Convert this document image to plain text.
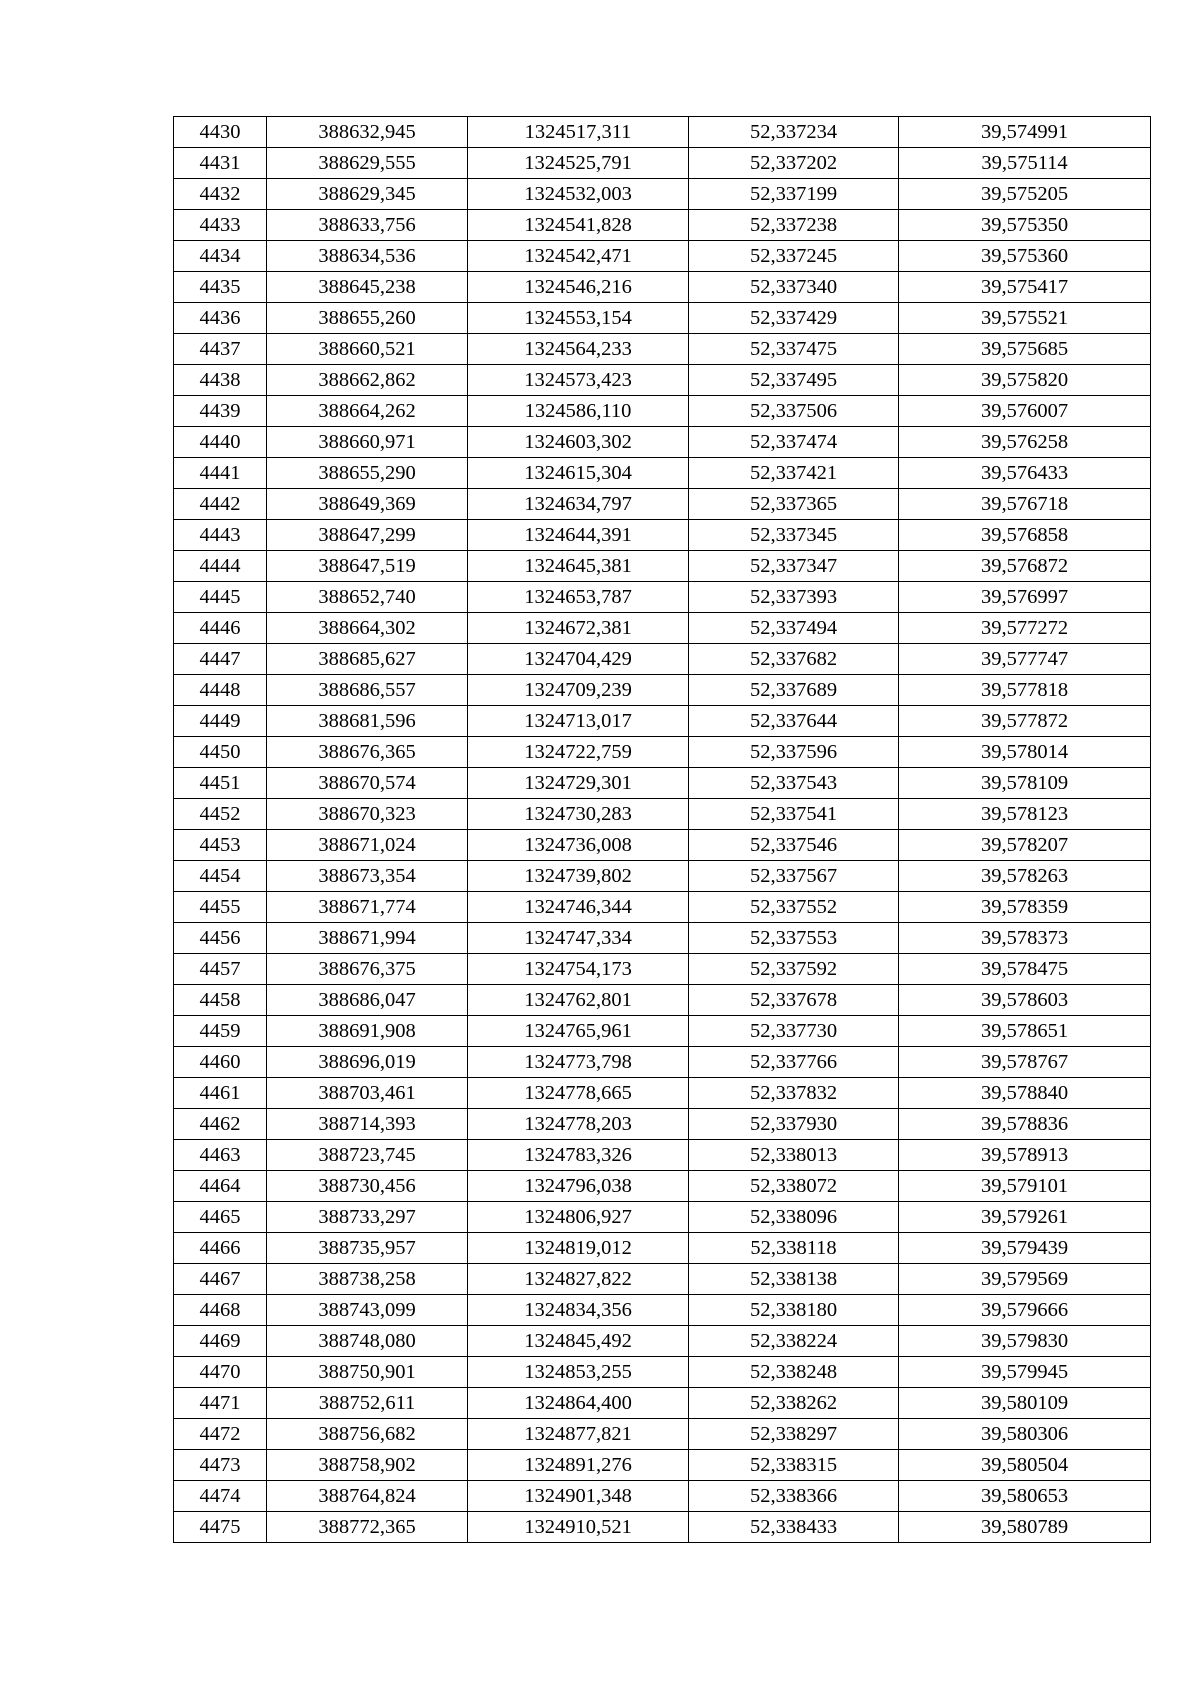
4430	388632,945	1324517,311	52,337234	39,574991
4431	388629,555	1324525,791	52,337202	39,575114
4432	388629,345	1324532,003	52,337199	39,575205
4433	388633,756	1324541,828	52,337238	39,575350
4434	388634,536	1324542,471	52,337245	39,575360
4435	388645,238	1324546,216	52,337340	39,575417
4436	388655,260	1324553,154	52,337429	39,575521
4437	388660,521	1324564,233	52,337475	39,575685
4438	388662,862	1324573,423	52,337495	39,575820
4439	388664,262	1324586,110	52,337506	39,576007
4440	388660,971	1324603,302	52,337474	39,576258
4441	388655,290	1324615,304	52,337421	39,576433
4442	388649,369	1324634,797	52,337365	39,576718
4443	388647,299	1324644,391	52,337345	39,576858
4444	388647,519	1324645,381	52,337347	39,576872
4445	388652,740	1324653,787	52,337393	39,576997
4446	388664,302	1324672,381	52,337494	39,577272
4447	388685,627	1324704,429	52,337682	39,577747
4448	388686,557	1324709,239	52,337689	39,577818
4449	388681,596	1324713,017	52,337644	39,577872
4450	388676,365	1324722,759	52,337596	39,578014
4451	388670,574	1324729,301	52,337543	39,578109
4452	388670,323	1324730,283	52,337541	39,578123
4453	388671,024	1324736,008	52,337546	39,578207
4454	388673,354	1324739,802	52,337567	39,578263
4455	388671,774	1324746,344	52,337552	39,578359
4456	388671,994	1324747,334	52,337553	39,578373
4457	388676,375	1324754,173	52,337592	39,578475
4458	388686,047	1324762,801	52,337678	39,578603
4459	388691,908	1324765,961	52,337730	39,578651
4460	388696,019	1324773,798	52,337766	39,578767
4461	388703,461	1324778,665	52,337832	39,578840
4462	388714,393	1324778,203	52,337930	39,578836
4463	388723,745	1324783,326	52,338013	39,578913
4464	388730,456	1324796,038	52,338072	39,579101
4465	388733,297	1324806,927	52,338096	39,579261
4466	388735,957	1324819,012	52,338118	39,579439
4467	388738,258	1324827,822	52,338138	39,579569
4468	388743,099	1324834,356	52,338180	39,579666
4469	388748,080	1324845,492	52,338224	39,579830
4470	388750,901	1324853,255	52,338248	39,579945
4471	388752,611	1324864,400	52,338262	39,580109
4472	388756,682	1324877,821	52,338297	39,580306
4473	388758,902	1324891,276	52,338315	39,580504
4474	388764,824	1324901,348	52,338366	39,580653
4475	388772,365	1324910,521	52,338433	39,580789
